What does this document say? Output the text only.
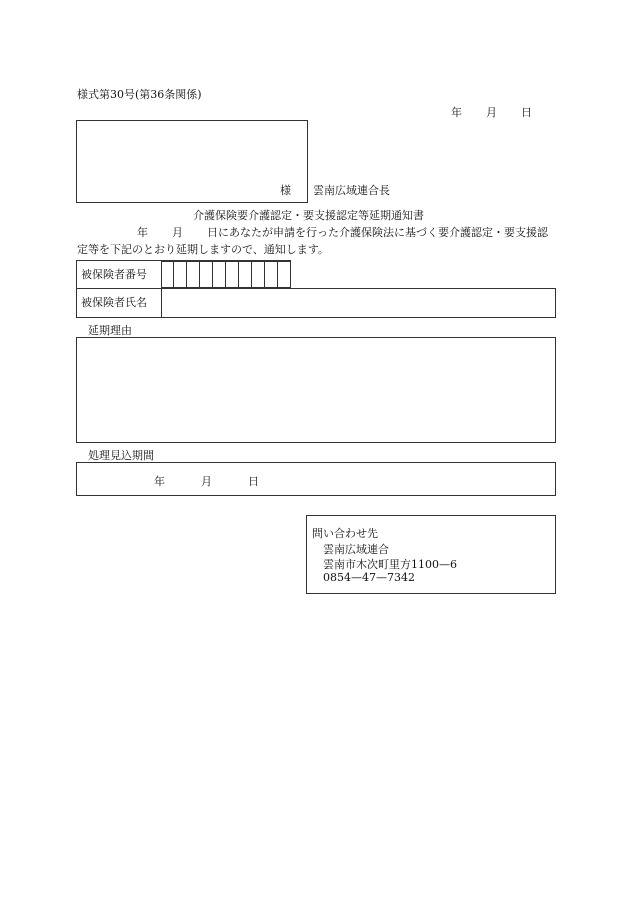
様式第30号(第36条関係)
年 月 日
様 雲南広域連合長
介護保険要介護認定・要支援認定等延期通知書
年 月	日にあなたが申請を行った介護保険法に基づく要介護認定・要支援認定等を下記のとおり延期しますので、通知します。
被保険者番号
被保険者氏名
延期理由
処理見込期間
年	月	日
問い合わせ先
雲南広域連合
雲南市木次町里方1100—6
0854—47—7342
